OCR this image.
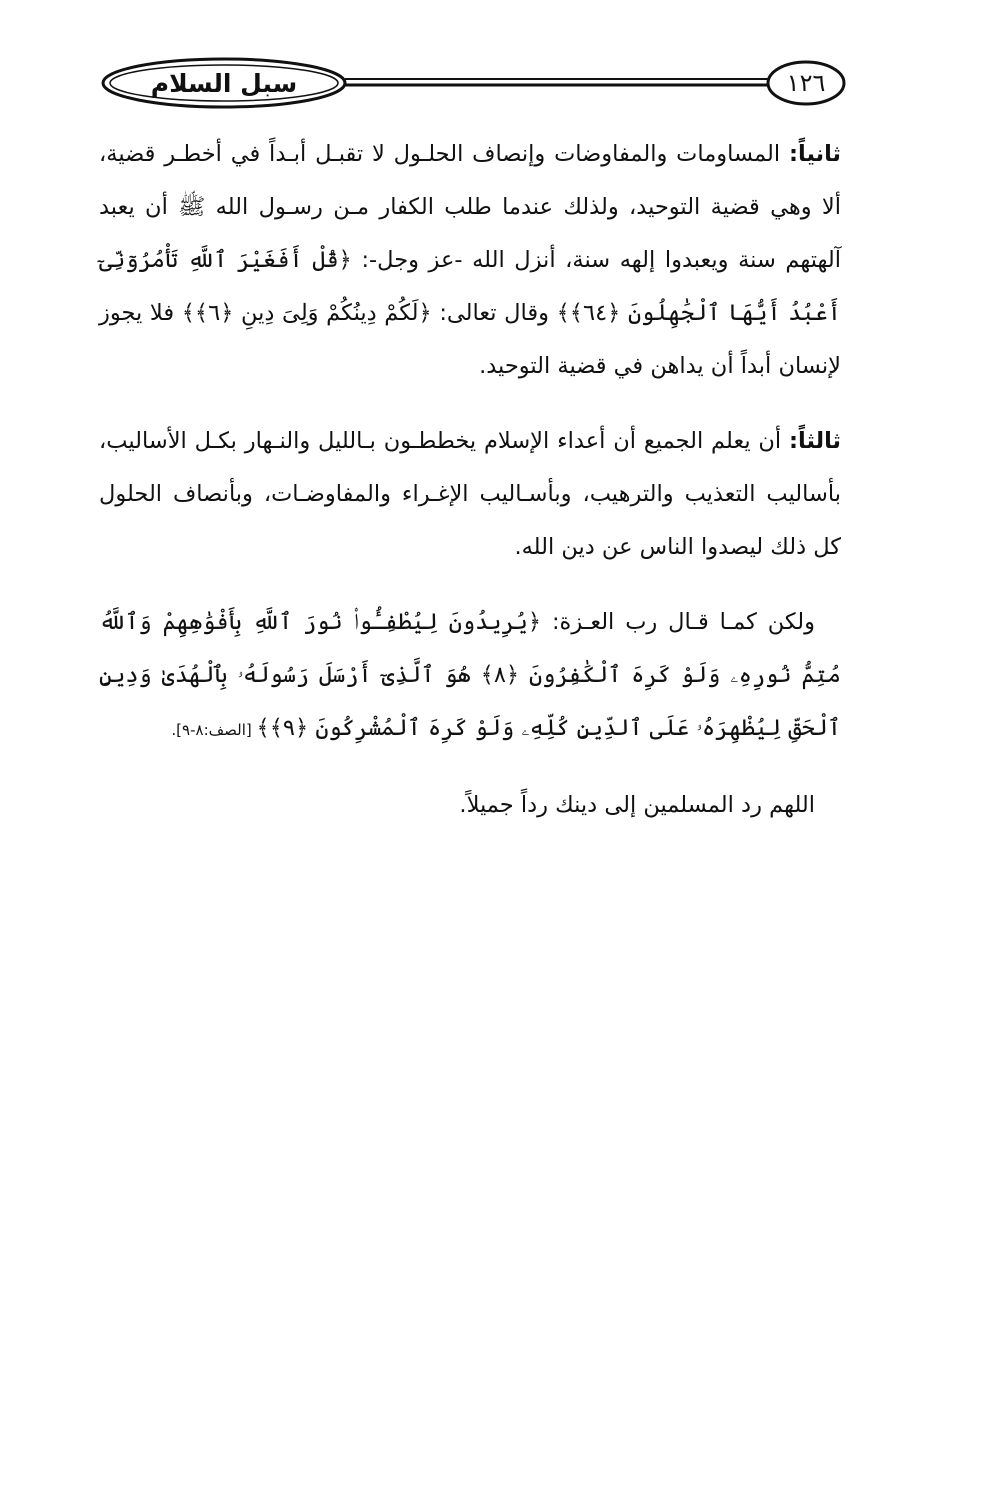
سبل السلام	١٢٦

ثانياً: المساومات والمفاوضات وإنصاف الحلـول لا تقبـل أبـداً في أخطـر قضية، ألا وهي قضية التوحيد، ولذلك عندما طلب الكفار مـن رسـول الله ﷺ أن يعبد آلهتهم سنة ويعبدوا إلهه سنة، أنزل الله -عز وجل-: ﴿قُلْ أَفَغَيْرَ ٱللَّهِ تَأْمُرُوٓنِّىٓ أَعْبُدُ أَيُّهَا ٱلْجَٰهِلُونَ ﴿٦٤﴾﴾ وقال تعالى: ﴿لَكُمْ دِينُكُمْ وَلِىَ دِينِ ﴿٦﴾﴾ فلا يجوز لإنسان أبداً أن يداهن في قضية التوحيد.

ثالثاً: أن يعلم الجميع أن أعداء الإسلام يخططـون بـالليل والنـهار بكـل الأساليب، بأساليب التعذيب والترهيب، وبأسـاليب الإغـراء والمفاوضـات، وبأنصاف الحلول كل ذلك ليصدوا الناس عن دين الله.

ولكن كمـا قـال رب العـزة: ﴿يُرِيدُونَ لِيُطْفِـُٔوا۟ نُورَ ٱللَّهِ بِأَفْوَٰهِهِمْ وَٱللَّهُ مُتِمُّ نُورِهِۦ وَلَوْ كَرِهَ ٱلْكَٰفِرُونَ ﴿٨﴾ هُوَ ٱلَّذِىٓ أَرْسَلَ رَسُولَهُۥ بِٱلْهُدَىٰ وَدِينِ ٱلْحَقِّ لِيُظْهِرَهُۥ عَلَى ٱلدِّينِ كُلِّهِۦ وَلَوْ كَرِهَ ٱلْمُشْرِكُونَ ﴿٩﴾﴾ [الصف:٨-٩].

اللهم رد المسلمين إلى دينك رداً جميلاً.
